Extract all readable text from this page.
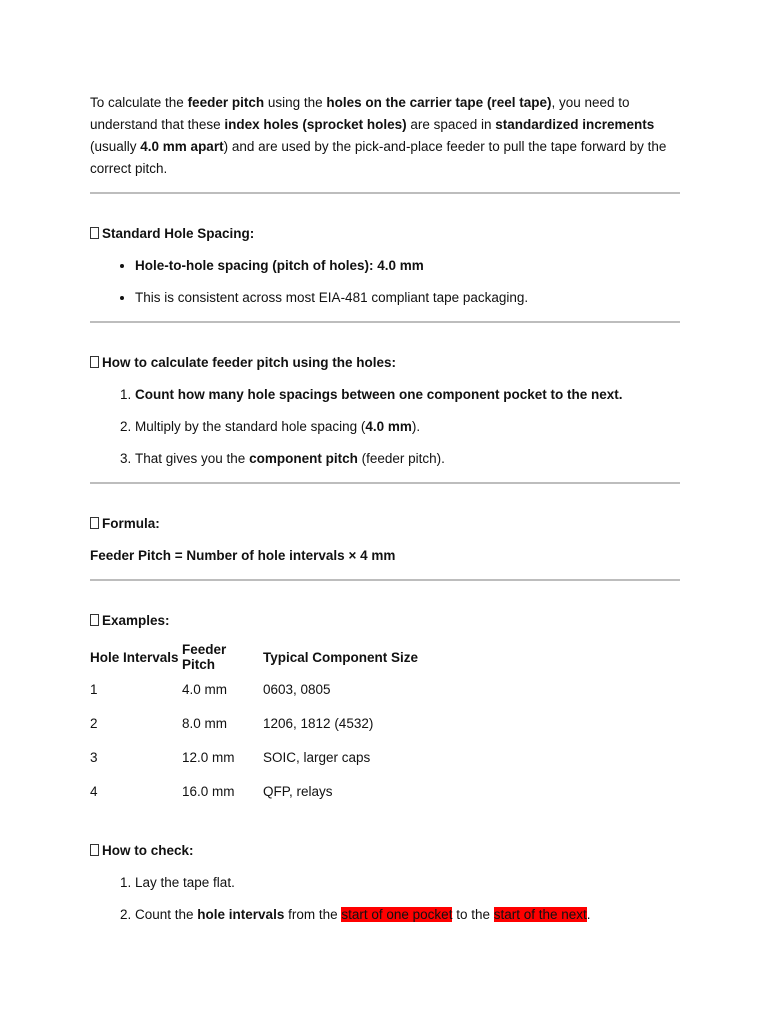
To calculate the feeder pitch using the holes on the carrier tape (reel tape), you need to understand that these index holes (sprocket holes) are spaced in standardized increments (usually 4.0 mm apart) and are used by the pick-and-place feeder to pull the tape forward by the correct pitch.

Standard Hole Spacing:
• Hole-to-hole spacing (pitch of holes): 4.0 mm
• This is consistent across most EIA-481 compliant tape packaging.
How to calculate feeder pitch using the holes:
1. Count how many hole spacings between one component pocket to the next.
2. Multiply by the standard hole spacing (4.0 mm).
3. That gives you the component pitch (feeder pitch).
Formula:
Feeder Pitch = Number of hole intervals × 4 mm
Examples:
Hole Intervals	Feeder Pitch	Typical Component Size
1	4.0 mm	0603, 0805
2	8.0 mm	1206, 1812 (4532)
3	12.0 mm	SOIC, larger caps
4	16.0 mm	QFP, relays
How to check:
1. Lay the tape flat.
2. Count the hole intervals from the start of one pocket to the start of the next.
